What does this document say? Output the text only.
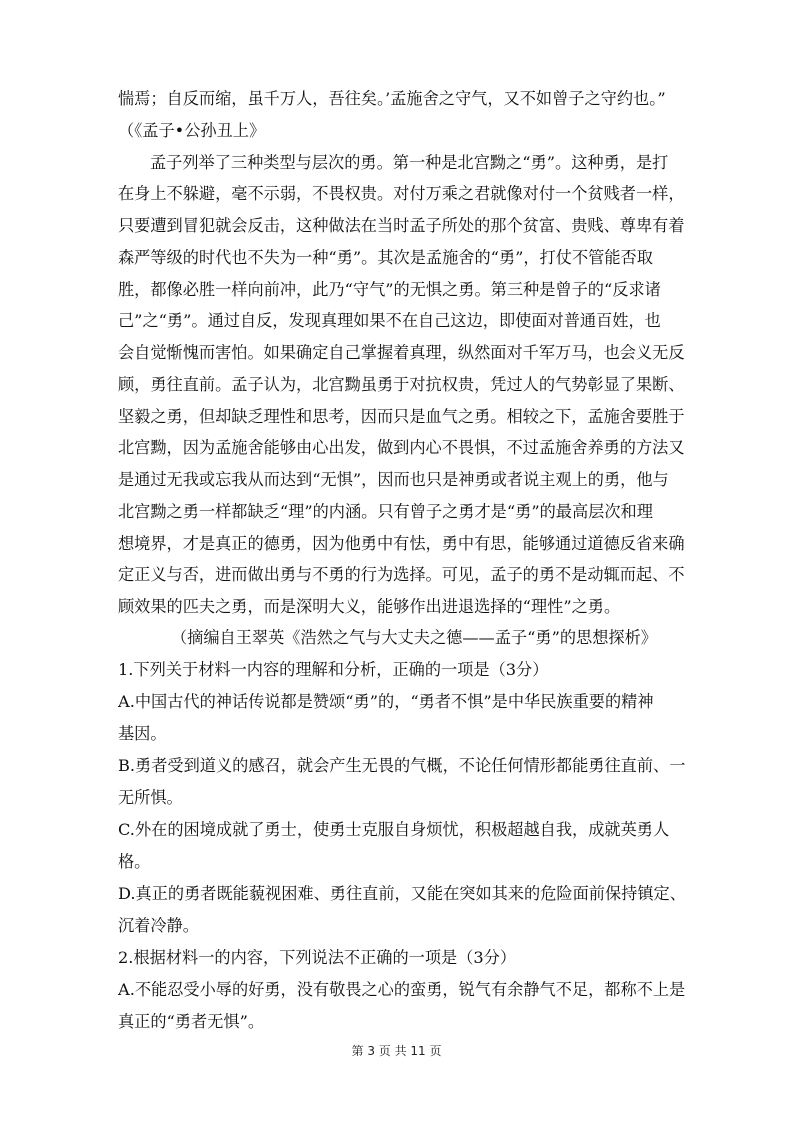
惴焉；自反而缩，虽千万人，吾往矣。’孟施舍之守气，又不如曾子之守约也。”
（《孟子•公孙丑上》
孟子列举了三种类型与层次的勇。第一种是北宫黝之“勇”。这种勇，是打
在身上不躲避，毫不示弱，不畏权贵。对付万乘之君就像对付一个贫贱者一样，
只要遭到冒犯就会反击，这种做法在当时孟子所处的那个贫富、贵贱、尊卑有着
森严等级的时代也不失为一种“勇”。其次是孟施舍的“勇”，打仗不管能否取
胜，都像必胜一样向前冲，此乃“守气”的无惧之勇。第三种是曾子的“反求诸
己”之“勇”。通过自反，发现真理如果不在自己这边，即使面对普通百姓，也
会自觉惭愧而害怕。如果确定自己掌握着真理，纵然面对千军万马，也会义无反
顾，勇往直前。孟子认为，北宫黝虽勇于对抗权贵，凭过人的气势彰显了果断、
坚毅之勇，但却缺乏理性和思考，因而只是血气之勇。相较之下，孟施舍要胜于
北宫黝，因为孟施舍能够由心出发，做到内心不畏惧，不过孟施舍养勇的方法又
是通过无我或忘我从而达到“无惧”，因而也只是神勇或者说主观上的勇，他与
北宫黝之勇一样都缺乏“理”的内涵。只有曾子之勇才是“勇”的最高层次和理
想境界，才是真正的德勇，因为他勇中有怯，勇中有思，能够通过道德反省来确
定正义与否，进而做出勇与不勇的行为选择。可见，孟子的勇不是动辄而起、不
顾效果的匹夫之勇，而是深明大义，能够作出进退选择的“理性”之勇。
（摘编自王翠英《浩然之气与大丈夫之德——孟子“勇”的思想探析》
1.下列关于材料一内容的理解和分析，正确的一项是（3分）
A.中国古代的神话传说都是赞颂“勇”的，“勇者不惧”是中华民族重要的精神
基因。
B.勇者受到道义的感召，就会产生无畏的气概，不论任何情形都能勇往直前、一
无所惧。
C.外在的困境成就了勇士，使勇士克服自身烦忧，积极超越自我，成就英勇人
格。
D.真正的勇者既能藐视困难、勇往直前，又能在突如其来的危险面前保持镇定、
沉着冷静。
2.根据材料一的内容，下列说法不正确的一项是（3分）
A.不能忍受小辱的好勇，没有敬畏之心的蛮勇，锐气有余静气不足，都称不上是
真正的“勇者无惧”。
第 3 页 共 11 页
